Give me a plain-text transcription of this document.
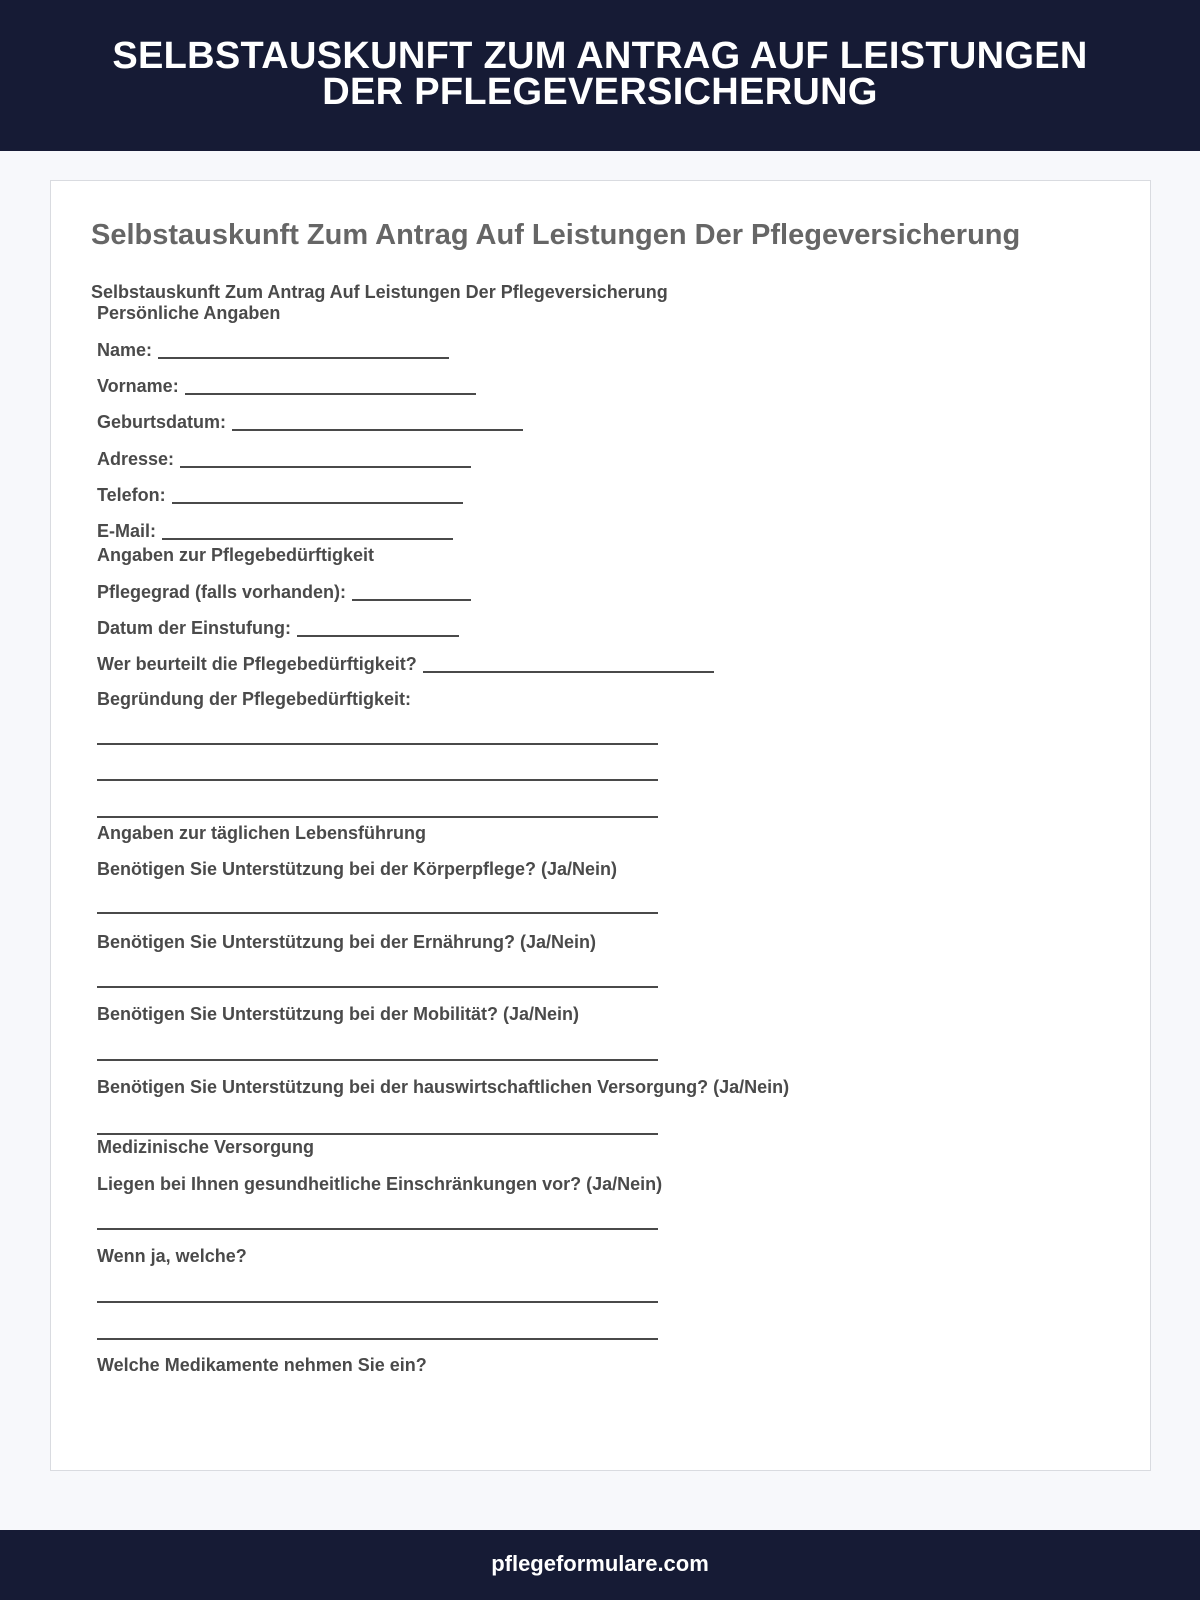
SELBSTAUSKUNFT ZUM ANTRAG AUF LEISTUNGEN DER PFLEGEVERSICHERUNG
Selbstauskunft Zum Antrag Auf Leistungen Der Pflegeversicherung
Selbstauskunft Zum Antrag Auf Leistungen Der Pflegeversicherung
Persönliche Angaben
Name:
Vorname:
Geburtsdatum:
Adresse:
Telefon:
E-Mail:
Angaben zur Pflegebedürftigkeit
Pflegegrad (falls vorhanden):
Datum der Einstufung:
Wer beurteilt die Pflegebedürftigkeit?
Begründung der Pflegebedürftigkeit:
Angaben zur täglichen Lebensführung
Benötigen Sie Unterstützung bei der Körperpflege? (Ja/Nein)
Benötigen Sie Unterstützung bei der Ernährung? (Ja/Nein)
Benötigen Sie Unterstützung bei der Mobilität? (Ja/Nein)
Benötigen Sie Unterstützung bei der hauswirtschaftlichen Versorgung? (Ja/Nein)
Medizinische Versorgung
Liegen bei Ihnen gesundheitliche Einschränkungen vor? (Ja/Nein)
Wenn ja, welche?
Welche Medikamente nehmen Sie ein?
pflegeformulare.com
